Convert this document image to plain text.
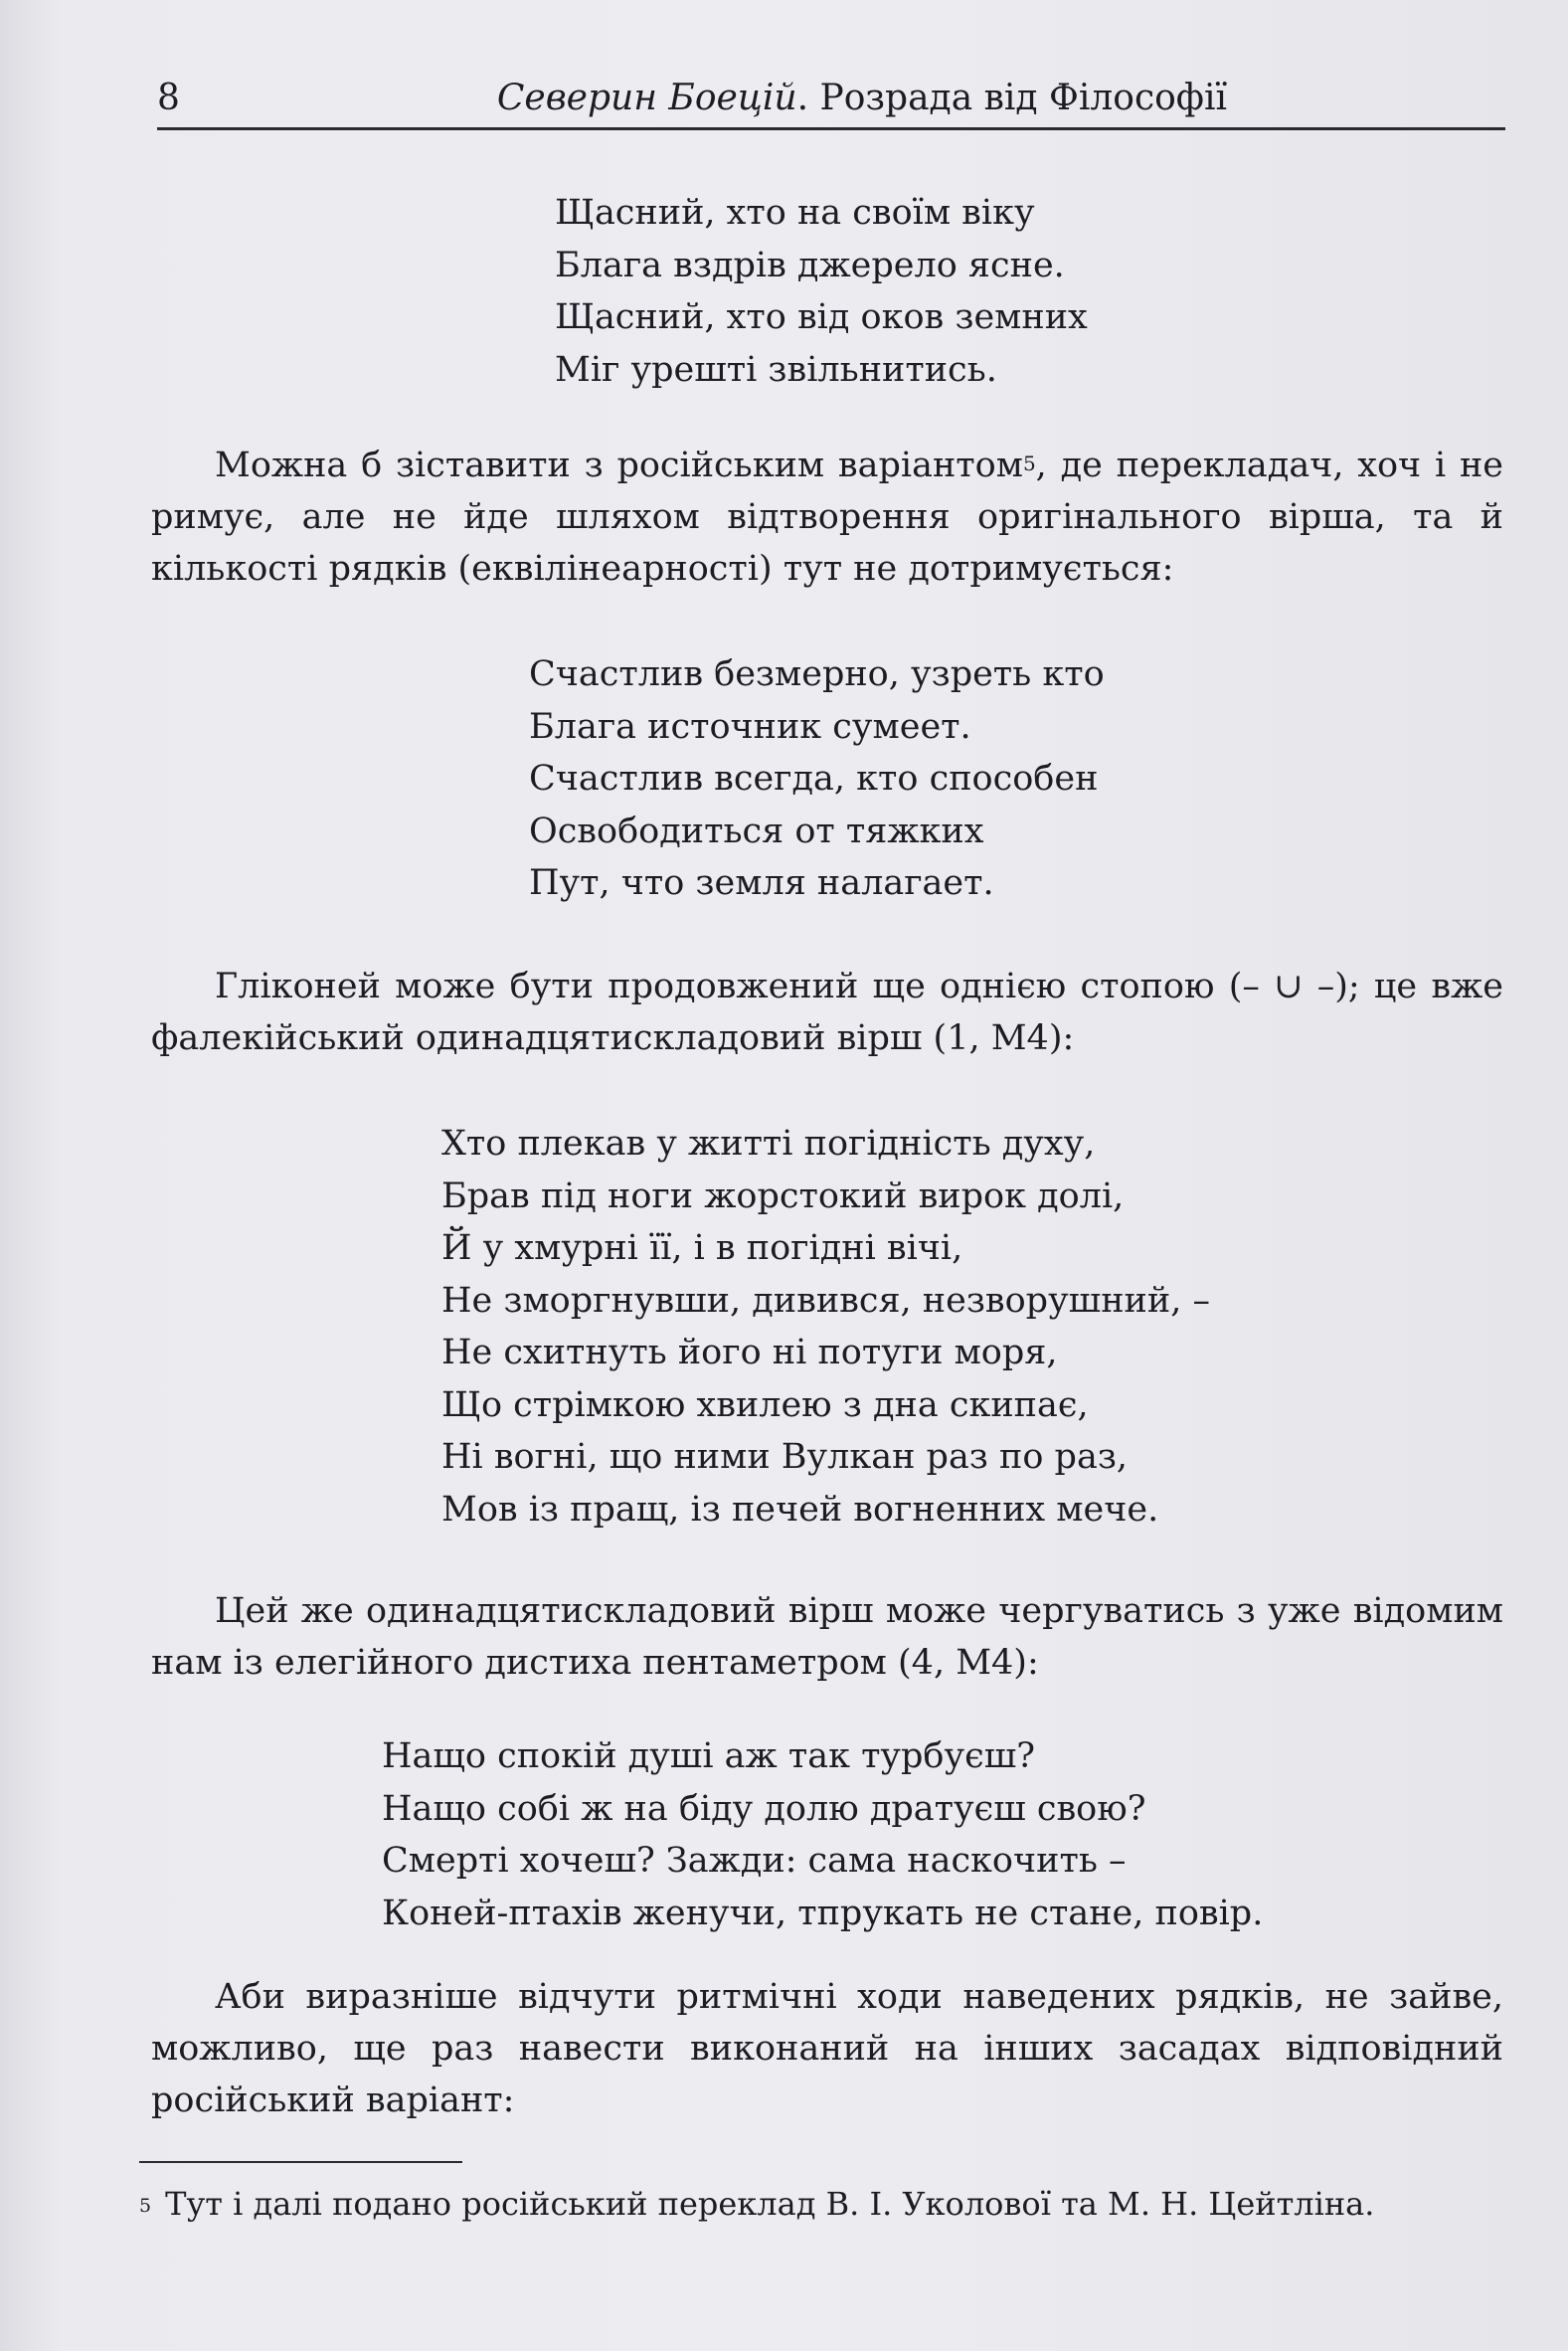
8	Северин Боецій. Розрада від Філософії
Щасний, хто на своїм віку
Блага вздрів джерело ясне.
Щасний, хто від оков земних
Міг урешті звільнитись.

Можна б зіставити з російським варіантом$^5$, де перекладач, хоч і не римує, але не йде шляхом відтворення оригінального вірша, та й кількості рядків (еквілінеарності) тут не дотримується:

Счастлив безмерно, узреть кто
Блага источник сумеет.
Счастлив всегда, кто способен
Освободиться от тяжких
Пут, что земля налагает.

Гліконей може бути продовжений ще однією стопою (– ∪ –); це вже фалекійський одинадцятискладовий вірш (1, М4):

Хто плекав у житті погідність духу,
Брав під ноги жорстокий вирок долі,
Й у хмурні її, і в погідні вічі,
Не зморгнувши, дивився, незворушний, –
Не схитнуть його ні потуги моря,
Що стрімкою хвилею з дна скипає,
Ні вогні, що ними Вулкан раз по раз,
Мов із пращ, із печей вогненних мече.

Цей же одинадцятискладовий вірш може чергуватись з уже відомим нам із елегійного дистиха пентаметром (4, М4):

Нащо спокій душі аж так турбуєш?
Нащо собі ж на біду долю дратуєш свою?
Смерті хочеш? Зажди: сама наскочить –
Коней-птахів женучи, тпрукать не стане, повір.

Аби виразніше відчути ритмічні ходи наведених рядків, не зайве, можливо, ще раз навести виконаний на інших засадах відповідний російський варіант:

$^5$ Тут і далі подано російський переклад В. І. Уколової та М. Н. Цейтліна.
